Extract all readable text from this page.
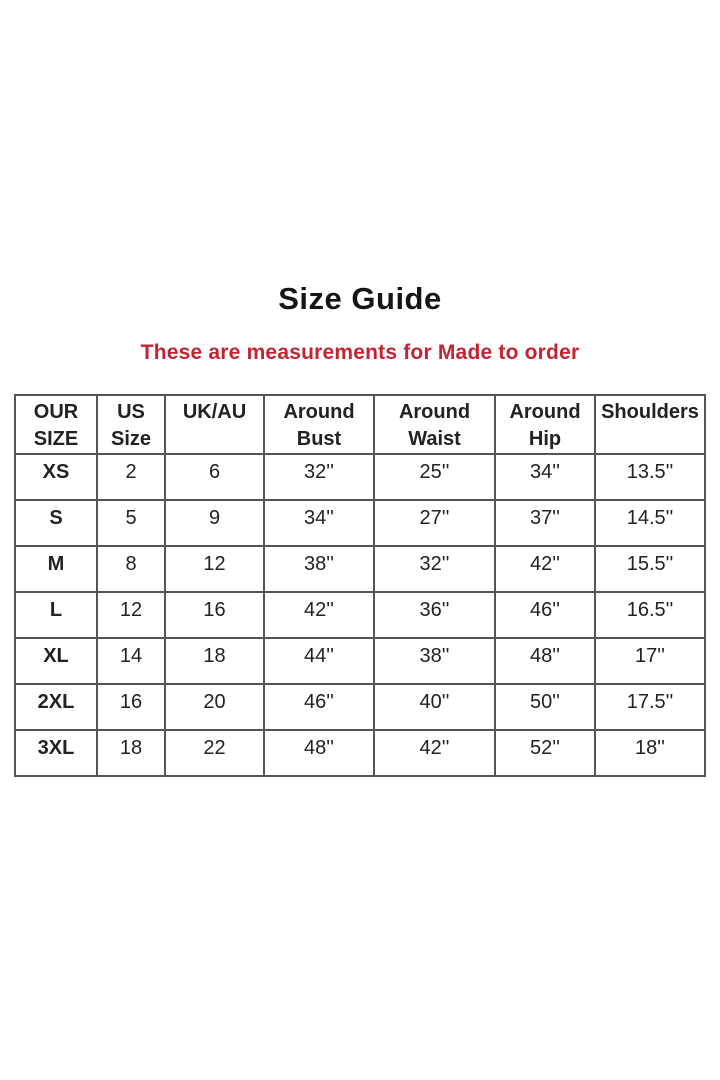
Size Guide
These are measurements for Made to order
OUR SIZE	US Size	UK/AU	Around Bust	Around Waist	Around Hip	Shoulders
XS	2	6	32''	25''	34''	13.5''
S	5	9	34''	27''	37''	14.5''
M	8	12	38''	32''	42''	15.5''
L	12	16	42''	36''	46''	16.5''
XL	14	18	44''	38''	48''	17''
2XL	16	20	46''	40''	50''	17.5''
3XL	18	22	48''	42''	52''	18''
